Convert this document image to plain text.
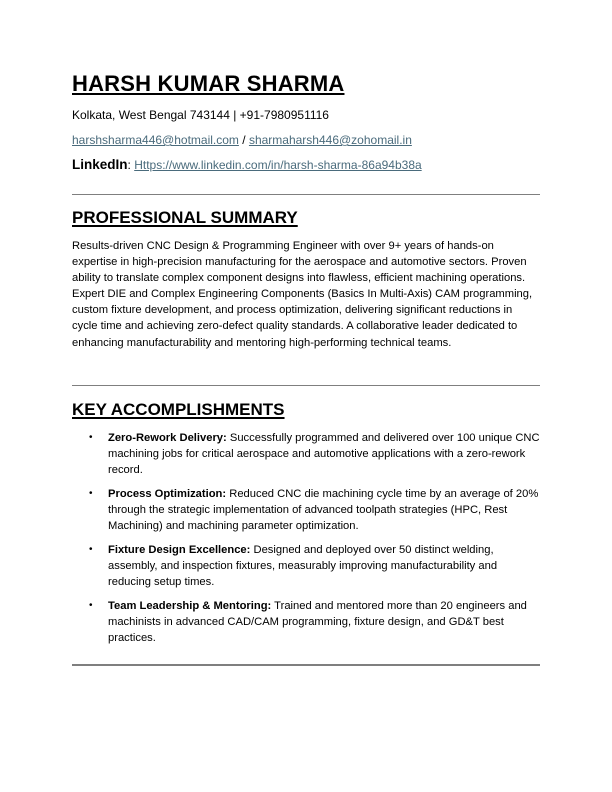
HARSH KUMAR SHARMA
Kolkata, West Bengal 743144 | +91-7980951116
harshsharma446@hotmail.com / sharmaharsh446@zohomail.in
LinkedIn: Https://www.linkedin.com/in/harsh-sharma-86a94b38a
PROFESSIONAL SUMMARY

Results-driven CNC Design & Programming Engineer with over 9+ years of hands-on expertise in high-precision manufacturing for the aerospace and automotive sectors. Proven ability to translate complex component designs into flawless, efficient machining operations. Expert DIE and Complex Engineering Components (Basics In Multi-Axis) CAM programming, custom fixture development, and process optimization, delivering significant reductions in cycle time and achieving zero-defect quality standards. A collaborative leader dedicated to enhancing manufacturability and mentoring high-performing technical teams.

KEY ACCOMPLISHMENTS
• Zero-Rework Delivery: Successfully programmed and delivered over 100 unique CNC machining jobs for critical aerospace and automotive applications with a zero-rework record.
• Process Optimization: Reduced CNC die machining cycle time by an average of 20% through the strategic implementation of advanced toolpath strategies (HPC, Rest Machining) and machining parameter optimization.
• Fixture Design Excellence: Designed and deployed over 50 distinct welding, assembly, and inspection fixtures, measurably improving manufacturability and reducing setup times.
• Team Leadership & Mentoring: Trained and mentored more than 20 engineers and machinists in advanced CAD/CAM programming, fixture design, and GD&T best practices.
